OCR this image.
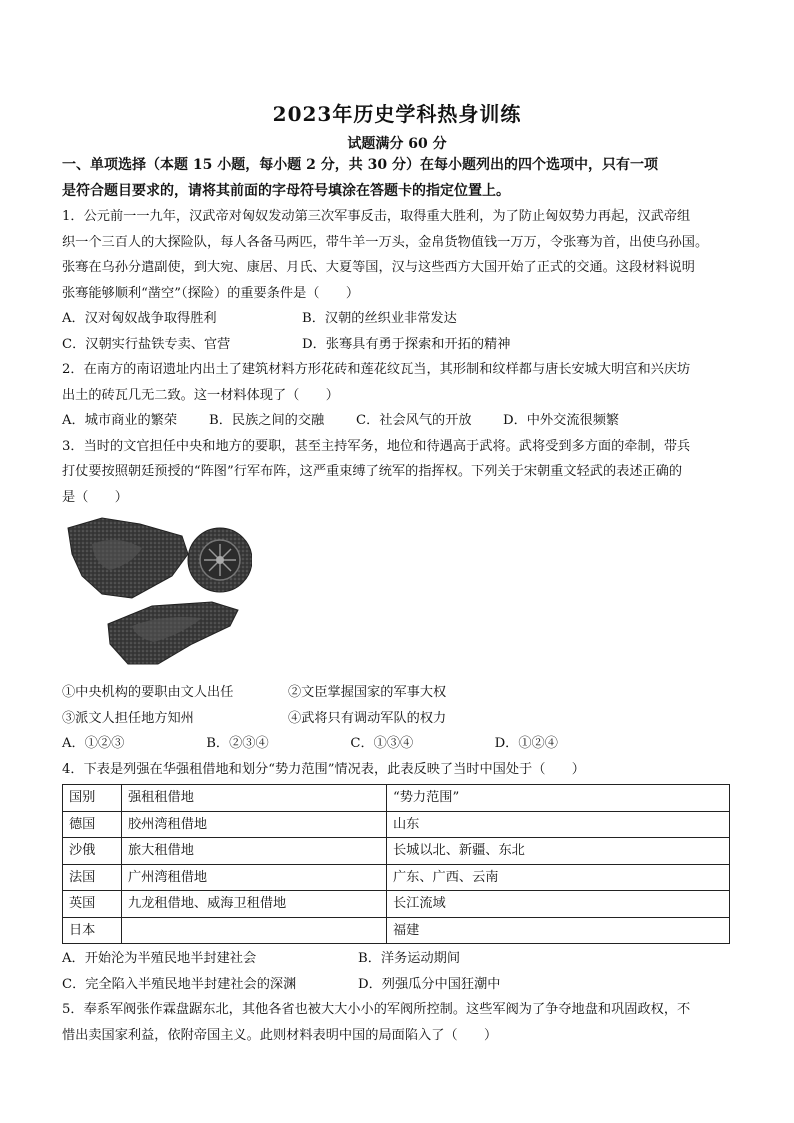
2023年历史学科热身训练
试题满分 60 分

一、单项选择（本题 15 小题，每小题 2 分，共 30 分）在每小题列出的四个选项中，只有一项

是符合题目要求的，请将其前面的字母符号填涂在答题卡的指定位置上。

1．公元前一一九年，汉武帝对匈奴发动第三次军事反击，取得重大胜利，为了防止匈奴势力再起，汉武帝组

织一个三百人的大探险队，每人各备马两匹，带牛羊一万头，金帛货物值钱一万万，令张骞为首，出使乌孙国。

张骞在乌孙分遣副使，到大宛、康居、月氏、大夏等国，汉与这些西方大国开始了正式的交通。这段材料说明

张骞能够顺利“凿空”（探险）的重要条件是（　　）

A．汉对匈奴战争取得胜利	B．汉朝的丝织业非常发达

C．汉朝实行盐铁专卖、官营	D．张骞具有勇于探索和开拓的精神

2．在南方的南诏遗址内出土了建筑材料方形花砖和莲花纹瓦当，其形制和纹样都与唐长安城大明宫和兴庆坊

出土的砖瓦几无二致。这一材料体现了（　　）

A．城市商业的繁荣	B．民族之间的交融	C．社会风气的开放	D．中外交流很频繁

3．当时的文官担任中央和地方的要职，甚至主持军务，地位和待遇高于武将。武将受到多方面的牵制，带兵

打仗要按照朝廷预授的“阵图”行军布阵，这严重束缚了统军的指挥权。下列关于宋朝重文轻武的表述正确的

是（　　）

①中央机构的要职由文人出任	②文臣掌握国家的军事大权

③派文人担任地方知州	④武将只有调动军队的权力

A．①②③	B．②③④	C．①③④	D．①②④

4．下表是列强在华强租借地和划分“势力范围”情况表，此表反映了当时中国处于（　　）

国别	强租租借地	“势力范围”
德国	胶州湾租借地	山东
沙俄	旅大租借地	长城以北、新疆、东北
法国	广州湾租借地	广东、广西、云南
英国	九龙租借地、威海卫租借地	长江流域
日本		福建

A．开始沦为半殖民地半封建社会	B．洋务运动期间

C．完全陷入半殖民地半封建社会的深渊	D．列强瓜分中国狂潮中

5．奉系军阀张作霖盘踞东北，其他各省也被大大小小的军阀所控制。这些军阀为了争夺地盘和巩固政权，不

惜出卖国家利益，依附帝国主义。此则材料表明中国的局面陷入了（　　）
